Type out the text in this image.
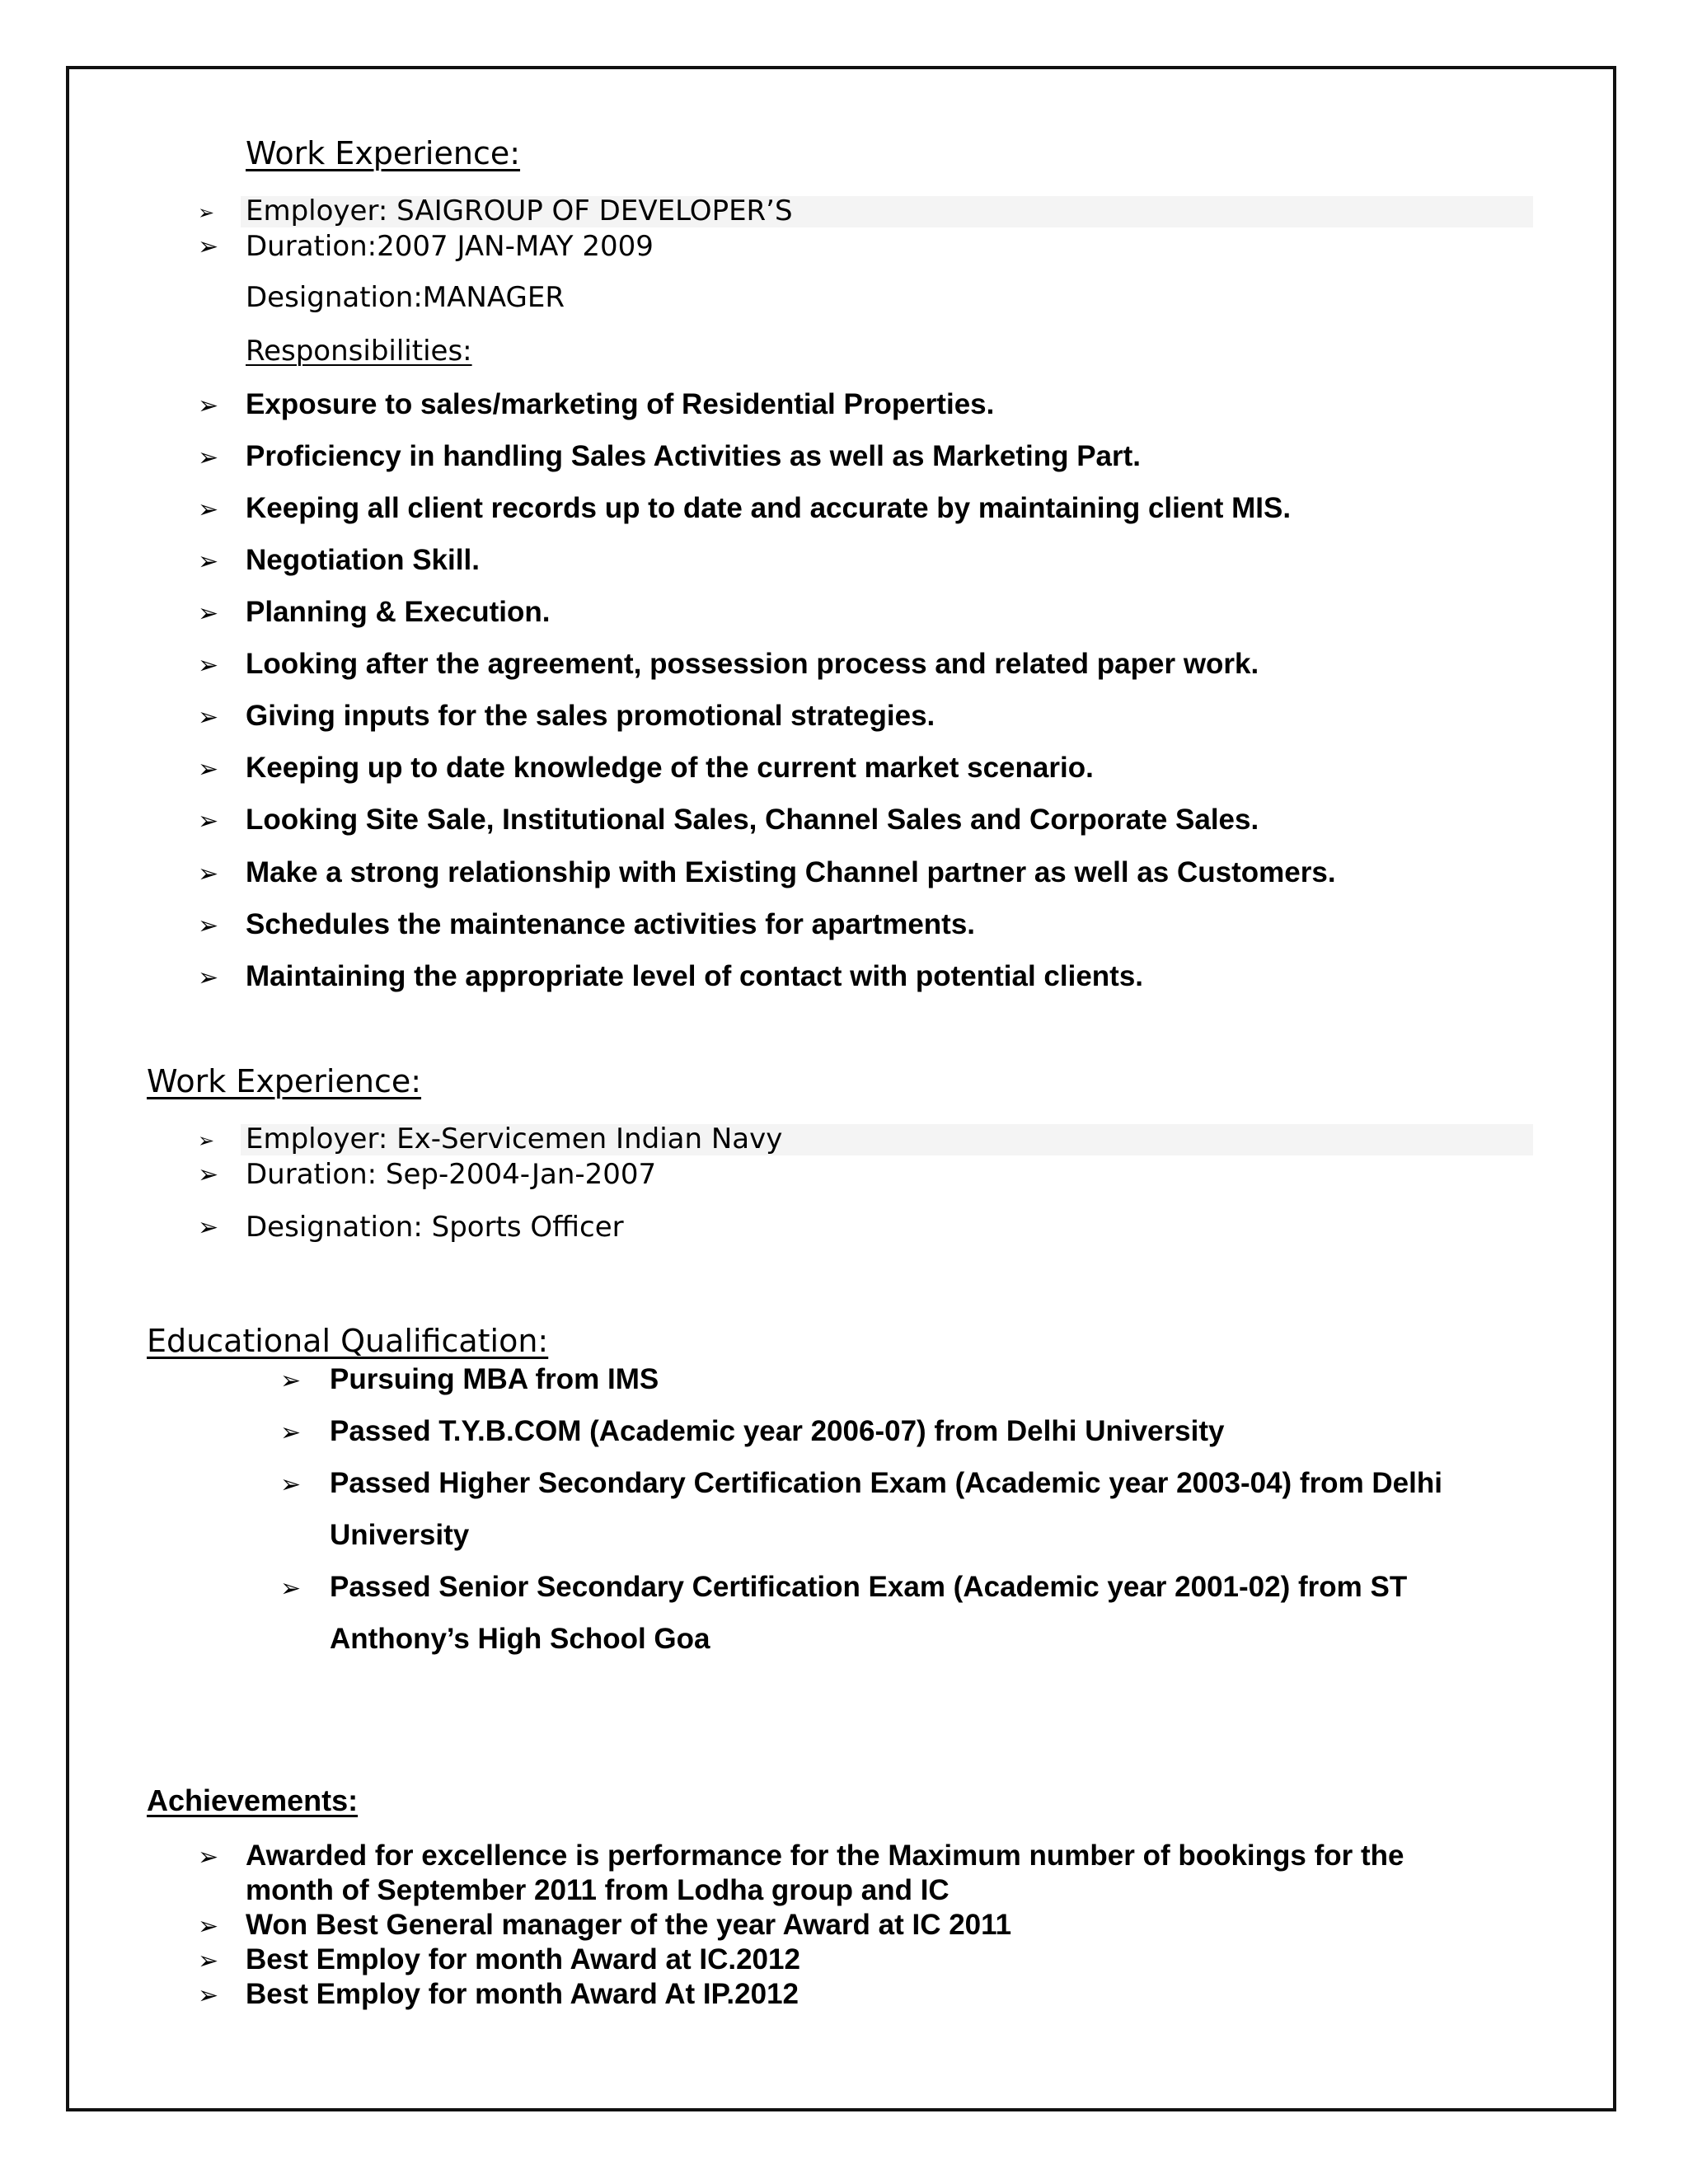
Work Experience:
➢ Employer: SAIGROUP OF DEVELOPER’S
➢ Duration:2007 JAN-MAY 2009
Designation:MANAGER
Responsibilities:
➢ Exposure to sales/marketing of Residential Properties.
➢ Proficiency in handling Sales Activities as well as Marketing Part.
➢ Keeping all client records up to date and accurate by maintaining client MIS.
➢ Negotiation Skill.
➢ Planning & Execution.
➢ Looking after the agreement, possession process and related paper work.
➢ Giving inputs for the sales promotional strategies.
➢ Keeping up to date knowledge of the current market scenario.
➢ Looking Site Sale, Institutional Sales, Channel Sales and Corporate Sales.
➢ Make a strong relationship with Existing Channel partner as well as Customers.
➢ Schedules the maintenance activities for apartments.
➢ Maintaining the appropriate level of contact with potential clients.
Work Experience:
➢ Employer: Ex-Servicemen Indian Navy
➢ Duration: Sep-2004-Jan-2007
➢ Designation: Sports Officer
Educational Qualification:
➢ Pursuing MBA from IMS
➢ Passed T.Y.B.COM (Academic year 2006-07) from Delhi University
➢ Passed Higher Secondary Certification Exam (Academic year 2003-04) from Delhi
University
➢ Passed Senior Secondary Certification Exam (Academic year 2001-02) from ST
Anthony’s High School Goa
Achievements:
➢ Awarded for excellence is performance for the Maximum number of bookings for the
month of September 2011 from Lodha group and IC
➢ Won Best General manager of the year Award at IC 2011
➢ Best Employ for month Award at IC.2012
➢ Best Employ for month Award At IP.2012
